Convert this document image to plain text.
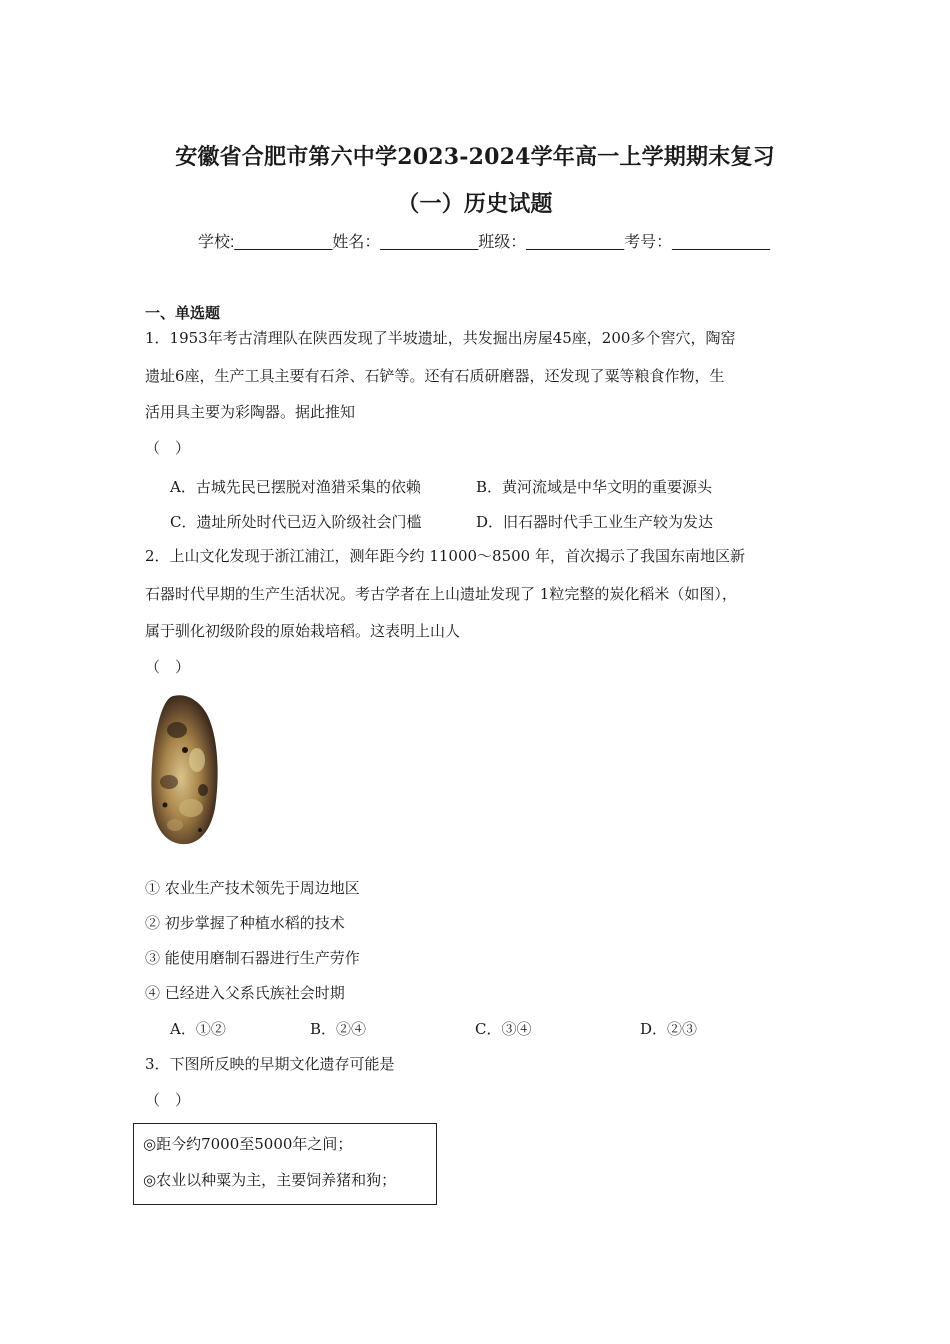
安徽省合肥市第六中学2023-2024学年高一上学期期末复习
（一）历史试题
学校:___________姓名：___________班级：___________考号：___________
一、单选题
1．1953年考古清理队在陕西发现了半坡遗址，共发掘出房屋45座，200多个窖穴，陶窑
遗址6座，生产工具主要有石斧、石铲等。还有石质研磨器，还发现了粟等粮食作物，生
活用具主要为彩陶器。据此推知
（　）
A．古城先民已摆脱对渔猎采集的依赖	B．黄河流域是中华文明的重要源头
C．遗址所处时代已迈入阶级社会门槛	D．旧石器时代手工业生产较为发达
2．上山文化发现于浙江浦江，测年距今约 11000～8500 年，首次揭示了我国东南地区新
石器时代早期的生产生活状况。考古学者在上山遗址发现了 1粒完整的炭化稻米（如图），
属于驯化初级阶段的原始栽培稻。这表明上山人
（　）
① 农业生产技术领先于周边地区
② 初步掌握了种植水稻的技术
③ 能使用磨制石器进行生产劳作
④ 已经进入父系氏族社会时期
A．①②	B．②④	C．③④	D．②③
3．下图所反映的早期文化遗存可能是
（　）
◎距今约7000至5000年之间；
◎农业以种粟为主，主要饲养猪和狗；
